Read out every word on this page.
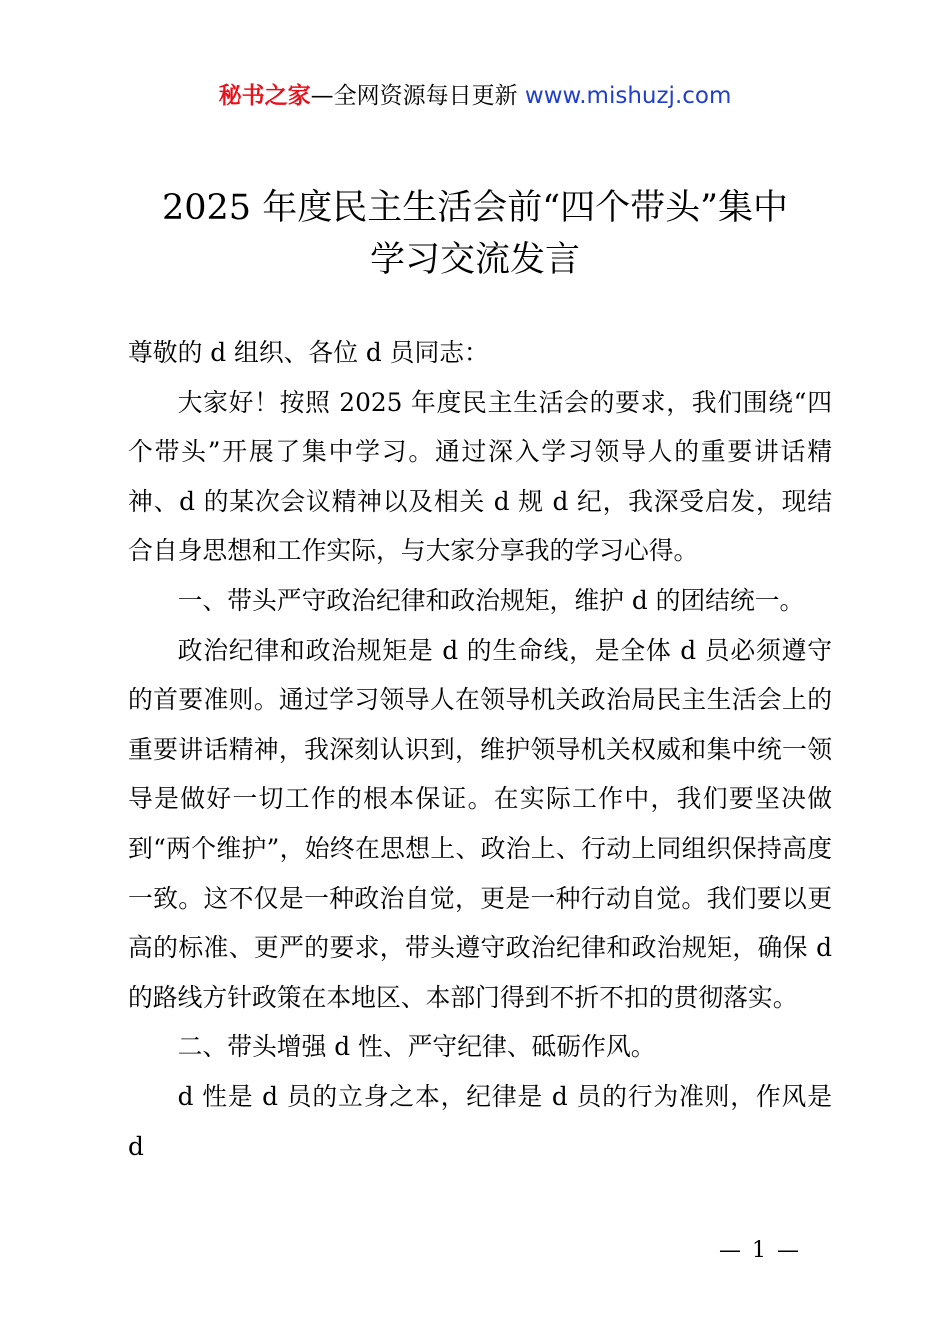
秘书之家—全网资源每日更新 www.mishuzj.com
2025 年度民主生活会前“四个带头”集中
学习交流发言

尊敬的 d 组织、各位 d 员同志：

大家好！按照 2025 年度民主生活会的要求，我们围绕“四个带头”开展了集中学习。通过深入学习领导人的重要讲话精神、d 的某次会议精神以及相关 d 规 d 纪，我深受启发，现结合自身思想和工作实际，与大家分享我的学习心得。

一、带头严守政治纪律和政治规矩，维护 d 的团结统一。

政治纪律和政治规矩是 d 的生命线，是全体 d 员必须遵守的首要准则。通过学习领导人在领导机关政治局民主生活会上的重要讲话精神，我深刻认识到，维护领导机关权威和集中统一领导是做好一切工作的根本保证。在实际工作中，我们要坚决做到“两个维护”，始终在思想上、政治上、行动上同组织保持高度一致。这不仅是一种政治自觉，更是一种行动自觉。我们要以更高的标准、更严的要求，带头遵守政治纪律和政治规矩，确保 d 的路线方针政策在本地区、本部门得到不折不扣的贯彻落实。

二、带头增强 d 性、严守纪律、砥砺作风。

d 性是 d 员的立身之本，纪律是 d 员的行为准则，作风是 d

— 1 —
